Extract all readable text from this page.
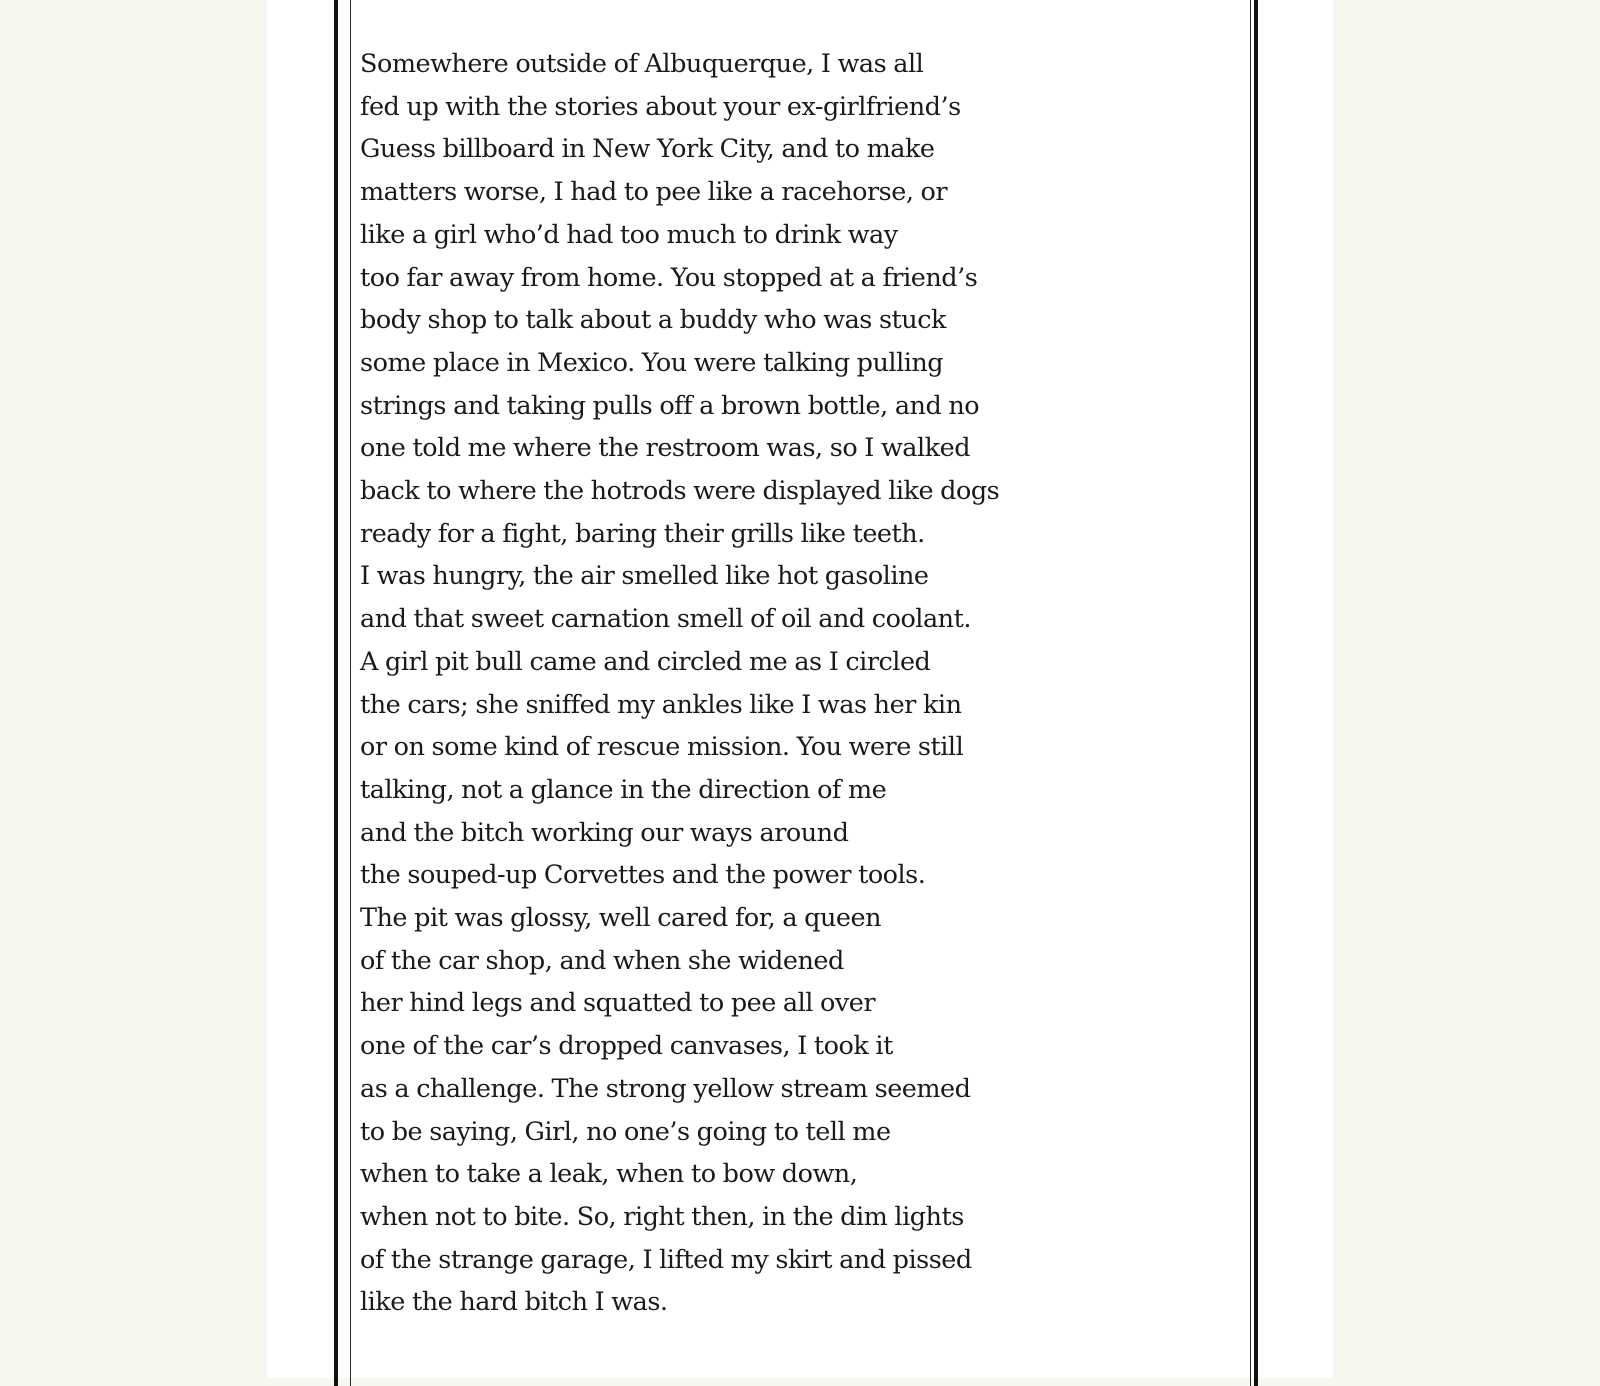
Somewhere outside of Albuquerque, I was all
fed up with the stories about your ex-girlfriend’s
Guess billboard in New York City, and to make
matters worse, I had to pee like a racehorse, or
like a girl who’d had too much to drink way
too far away from home. You stopped at a friend’s
body shop to talk about a buddy who was stuck
some place in Mexico. You were talking pulling
strings and taking pulls off a brown bottle, and no
one told me where the restroom was, so I walked
back to where the hotrods were displayed like dogs
ready for a fight, baring their grills like teeth.
I was hungry, the air smelled like hot gasoline
and that sweet carnation smell of oil and coolant.
A girl pit bull came and circled me as I circled
the cars; she sniffed my ankles like I was her kin
or on some kind of rescue mission. You were still
talking, not a glance in the direction of me
and the bitch working our ways around
the souped-up Corvettes and the power tools.
The pit was glossy, well cared for, a queen
of the car shop, and when she widened
her hind legs and squatted to pee all over
one of the car’s dropped canvases, I took it
as a challenge. The strong yellow stream seemed
to be saying, Girl, no one’s going to tell me
when to take a leak, when to bow down,
when not to bite. So, right then, in the dim lights
of the strange garage, I lifted my skirt and pissed
like the hard bitch I was.
